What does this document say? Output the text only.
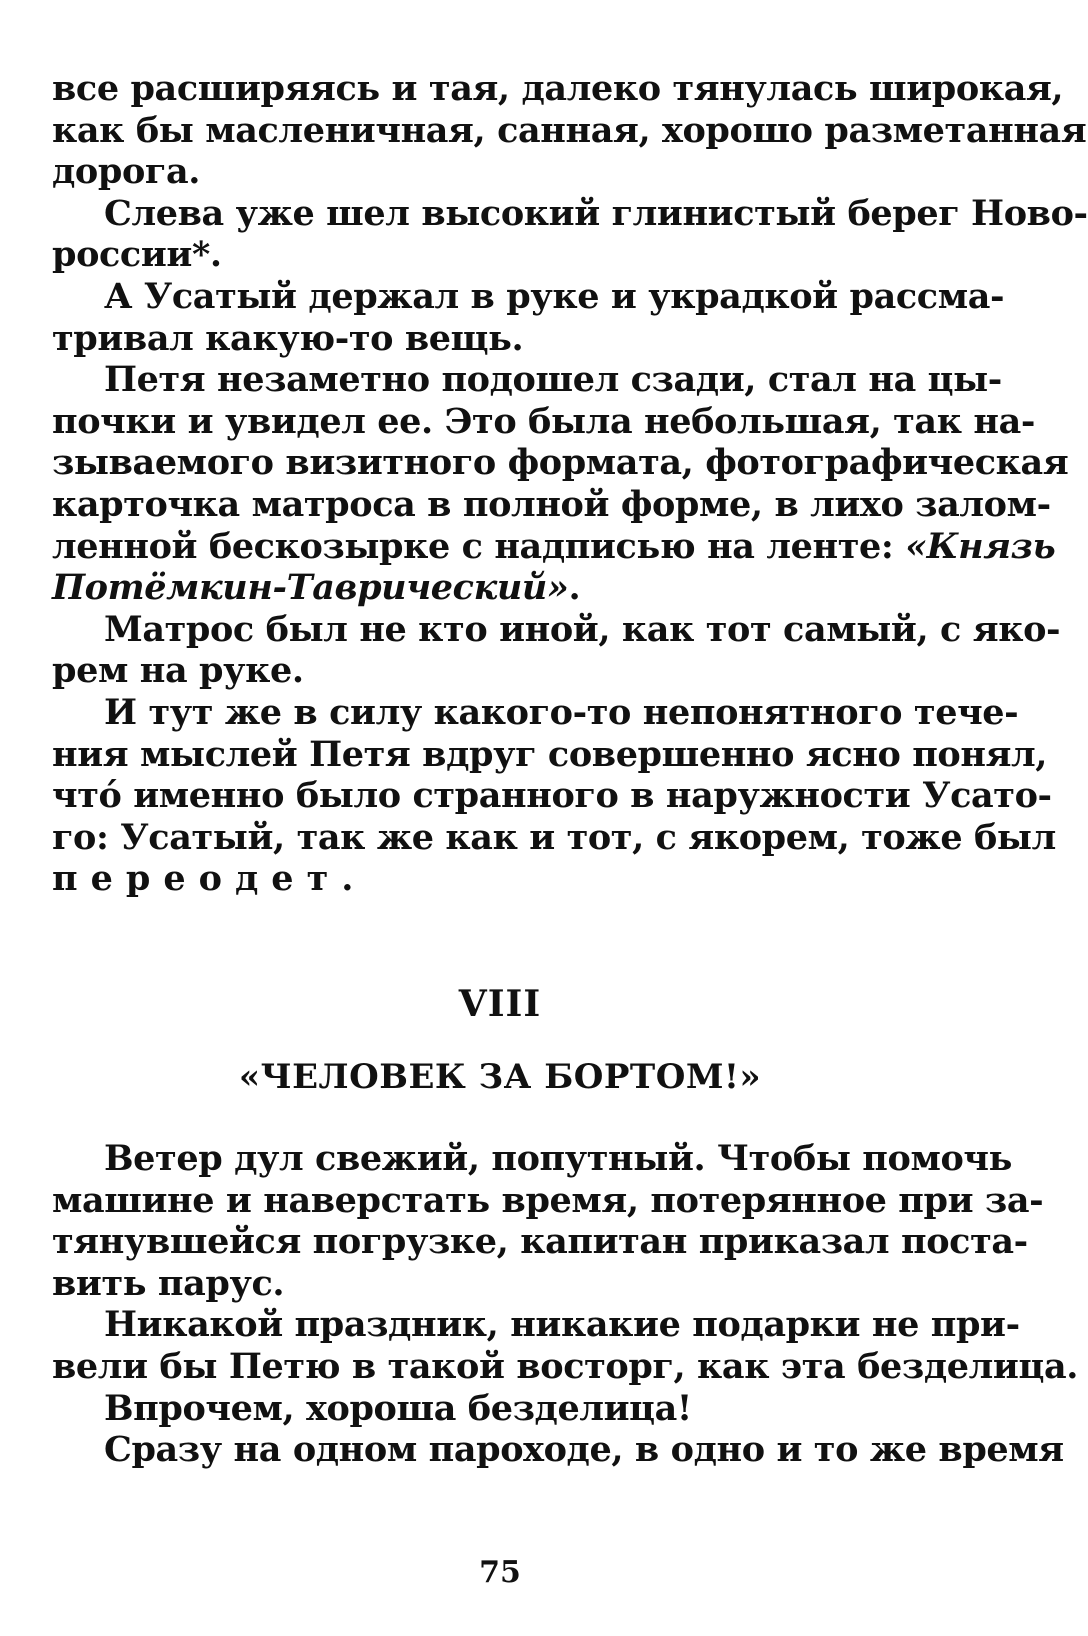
все расширяясь и тая, далеко тянулась широкая,
как бы масленичная, санная, хорошо разметанная
дорога.
Слева уже шел высокий глинистый берег Ново-
россии*.
А Усатый держал в руке и украдкой рассма-
тривал какую-то вещь.
Петя незаметно подошел сзади, стал на цы-
почки и увидел ее. Это была небольшая, так на-
зываемого визитного формата, фотографическая
карточка матроса в полной форме, в лихо залом-
ленной бескозырке с надписью на ленте: «Князь
Потёмкин-Таврический».
Матрос был не кто иной, как тот самый, с яко-
рем на руке.
И тут же в силу какого-то непонятного тече-
ния мыслей Петя вдруг совершенно ясно понял,
что́ именно было странного в наружности Усато-
го: Усатый, так же как и тот, с якорем, тоже был
переодет.
VIII
«ЧЕЛОВЕК ЗА БОРТОМ!»
Ветер дул свежий, попутный. Чтобы помочь
машине и наверстать время, потерянное при за-
тянувшейся погрузке, капитан приказал поста-
вить парус.
Никакой праздник, никакие подарки не при-
вели бы Петю в такой восторг, как эта безделица.
Впрочем, хороша безделица!
Сразу на одном пароходе, в одно и то же время
75
